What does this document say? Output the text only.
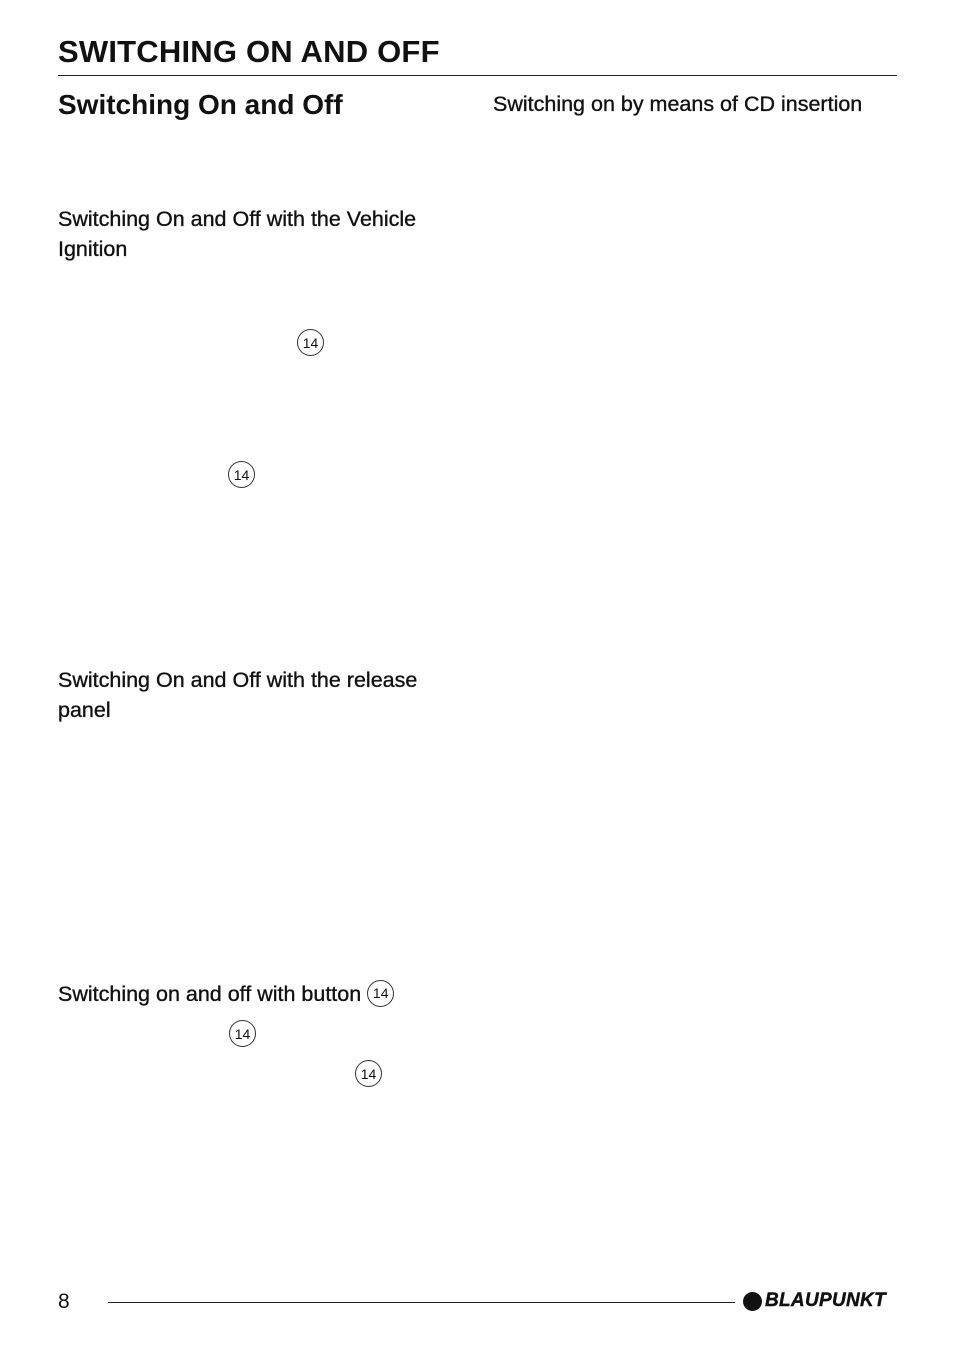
SWITCHING ON AND OFF
Switching On and Off	Switching on by means of CD insertion
Switching On and Off with the Vehicle Ignition
14
14
Switching On and Off with the release panel
Switching on and off with button 14
14
14
8	BLAUPUNKT
